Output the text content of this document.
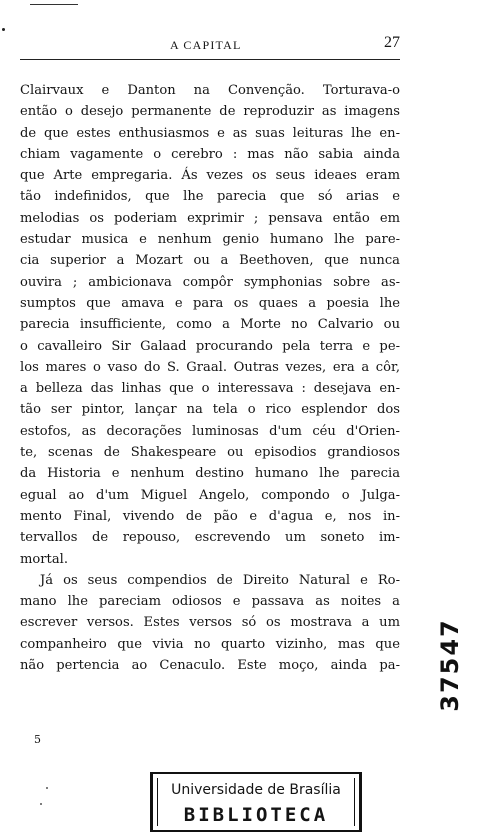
A CAPITAL	27
Clairvaux e Danton na Convenção. Torturava-o
então o desejo permanente de reproduzir as imagens
de que estes enthusiasmos e as suas leituras lhe en-
chiam vagamente o cerebro : mas não sabia ainda
que Arte empregaria. Ás vezes os seus ideaes eram
tão indefinidos, que lhe parecia que só arias e
melodias os poderiam exprimir ; pensava então em
estudar musica e nenhum genio humano lhe pare-
cia superior a Mozart ou a Beethoven, que nunca
ouvira ; ambicionava compôr symphonias sobre as-
sumptos que amava e para os quaes a poesia lhe
parecia insufficiente, como a Morte no Calvario ou
o cavalleiro Sir Galaad procurando pela terra e pe-
los mares o vaso do S. Graal. Outras vezes, era a côr,
a belleza das linhas que o interessava : desejava en-
tão ser pintor, lançar na tela o rico esplendor dos
estofos, as decorações luminosas d'um céu d'Orien-
te, scenas de Shakespeare ou episodios grandiosos
da Historia e nenhum destino humano lhe parecia
egual ao d'um Miguel Angelo, compondo o Julga-
mento Final, vivendo de pão e d'agua e, nos in-
tervallos de repouso, escrevendo um soneto im-
mortal.
Já os seus compendios de Direito Natural e Ro-
mano lhe pareciam odiosos e passava as noites a
escrever versos. Estes versos só os mostrava a um
companheiro que vivia no quarto vizinho, mas que
não pertencia ao Cenaculo. Este moço, ainda pa-
5
37547
Universidade de Brasília
BIBLIOTECA
